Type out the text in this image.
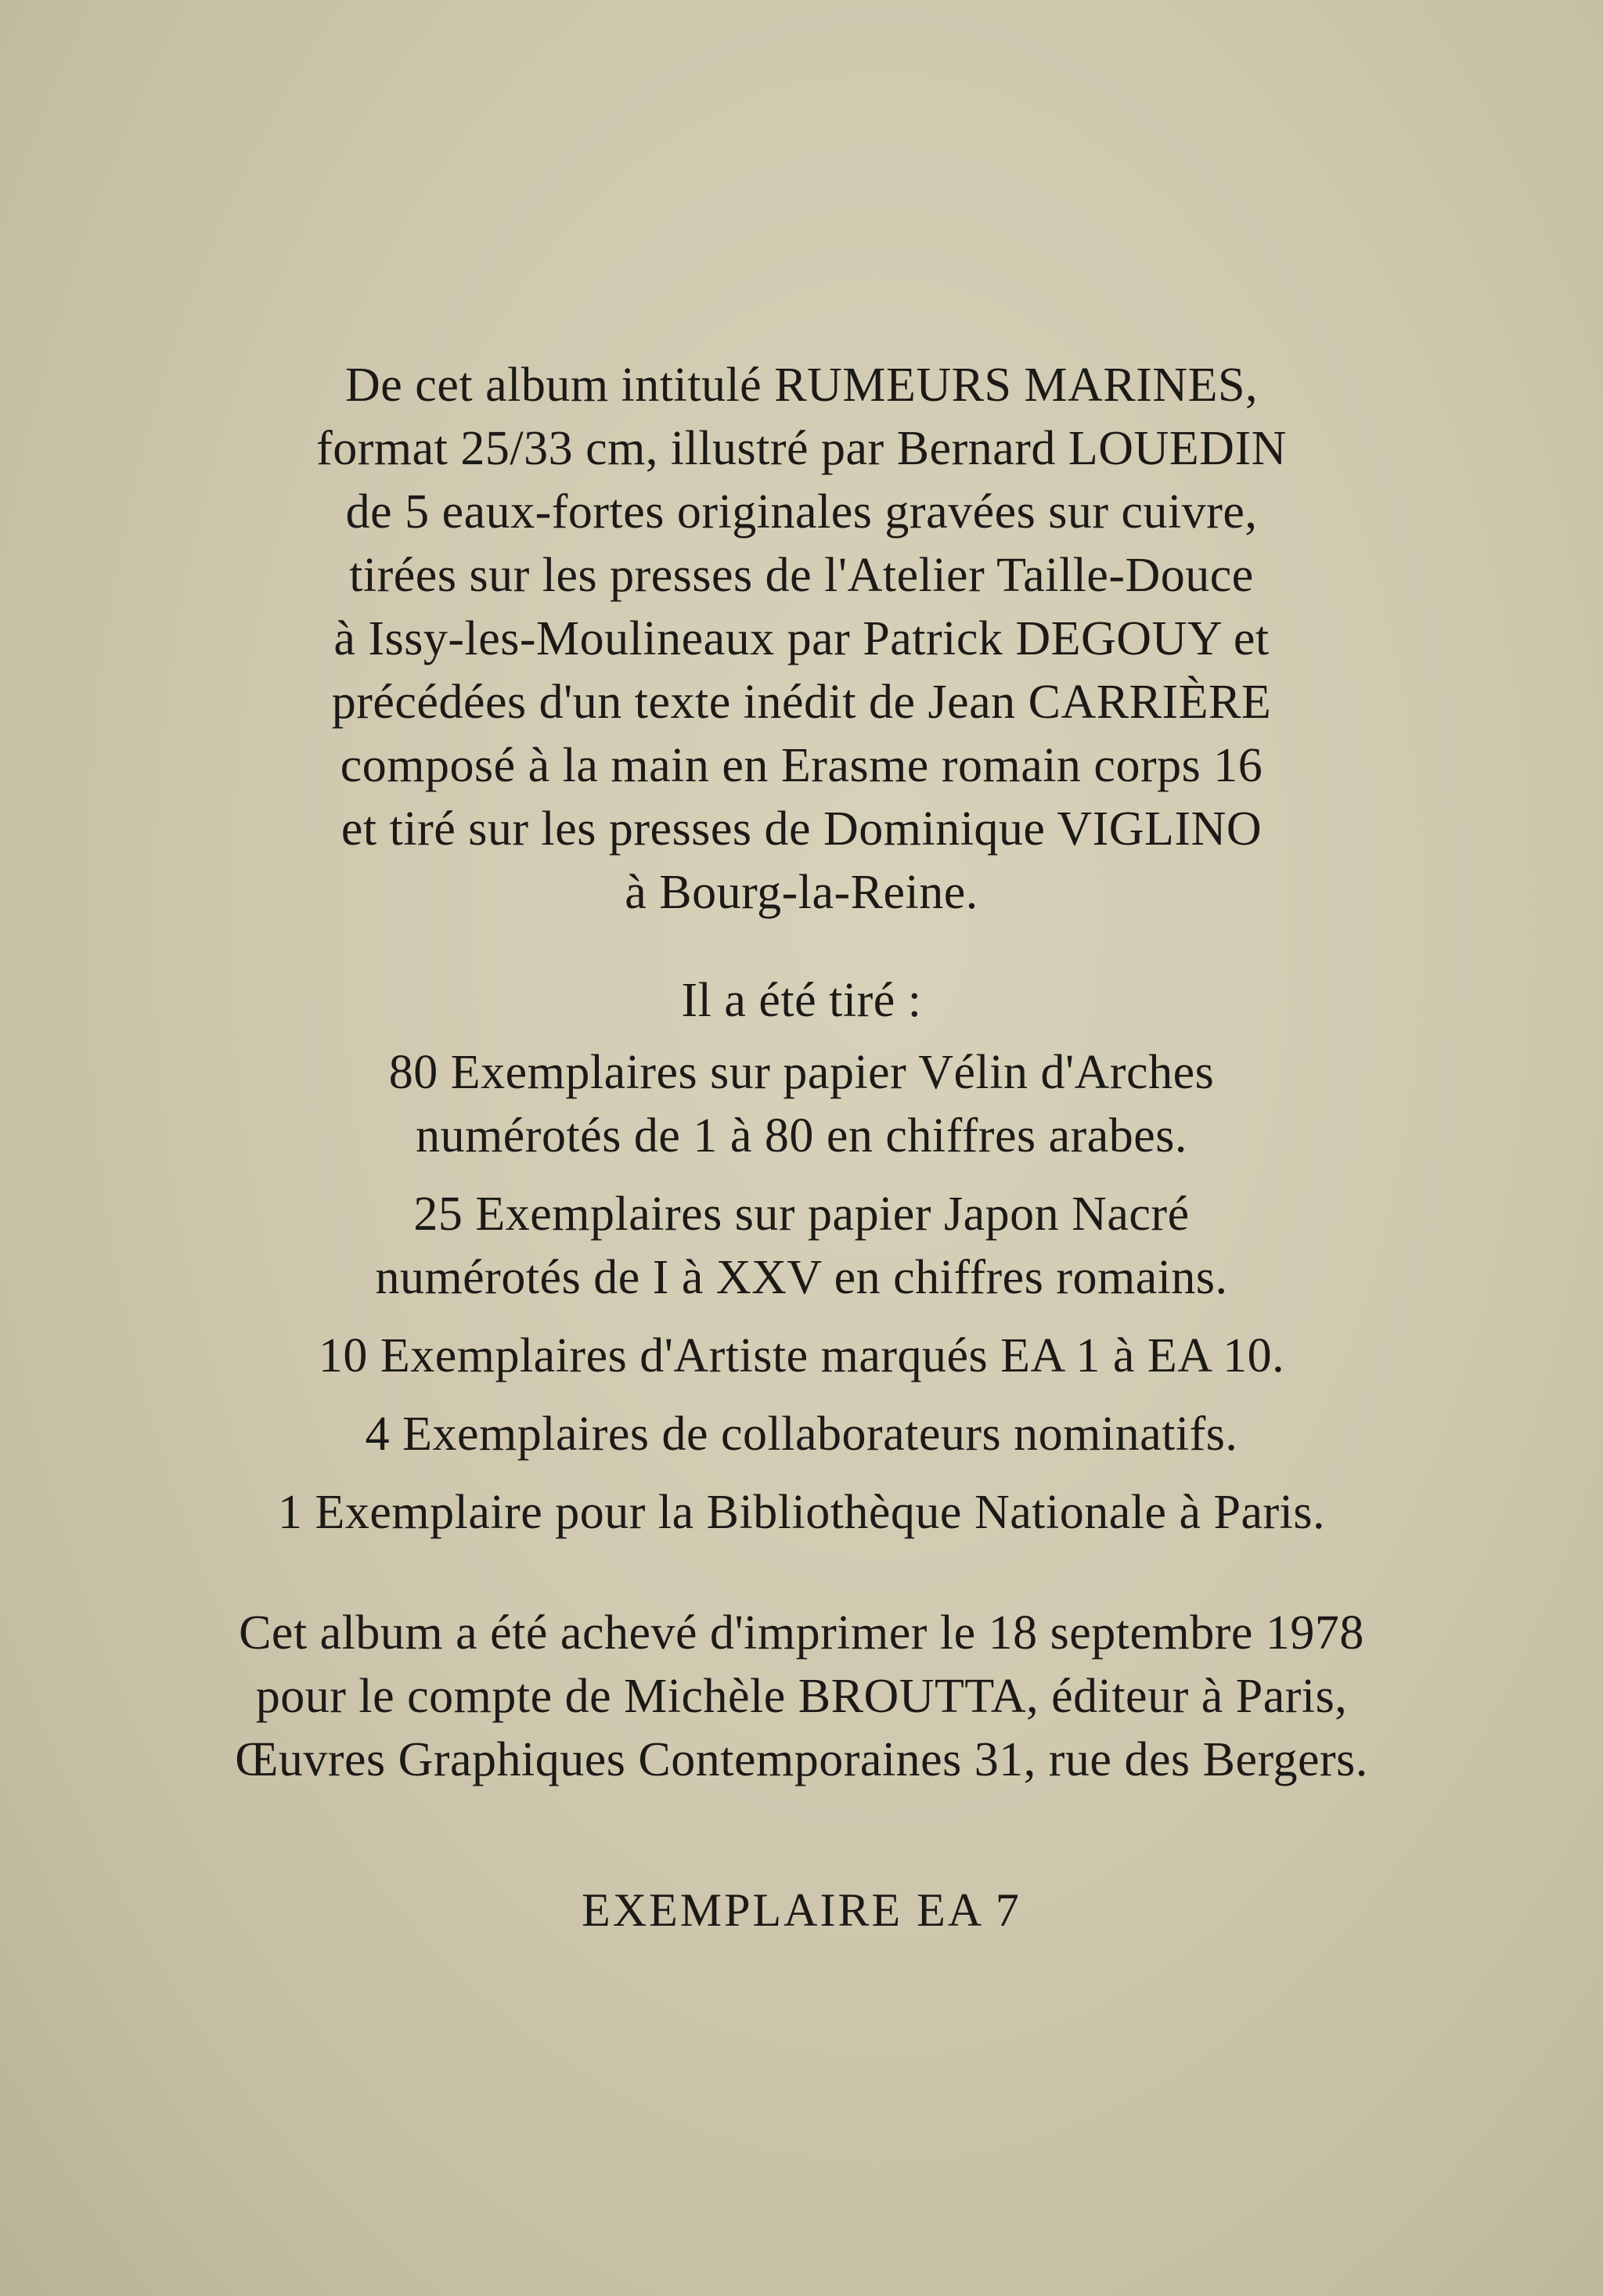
De cet album intitulé RUMEURS MARINES,
format 25/33 cm, illustré par Bernard LOUEDIN
de 5 eaux-fortes originales gravées sur cuivre,
tirées sur les presses de l'Atelier Taille-Douce
à Issy-les-Moulineaux par Patrick DEGOUY et
précédées d'un texte inédit de Jean CARRIÈRE
composé à la main en Erasme romain corps 16
et tiré sur les presses de Dominique VIGLINO
à Bourg-la-Reine.
Il a été tiré :
80 Exemplaires sur papier Vélin d'Arches
numérotés de 1 à 80 en chiffres arabes.
25 Exemplaires sur papier Japon Nacré
numérotés de I à XXV en chiffres romains.
10 Exemplaires d'Artiste marqués EA 1 à EA 10.
4 Exemplaires de collaborateurs nominatifs.
1 Exemplaire pour la Bibliothèque Nationale à Paris.
Cet album a été achevé d'imprimer le 18 septembre 1978
pour le compte de Michèle BROUTTA, éditeur à Paris,
Œuvres Graphiques Contemporaines 31, rue des Bergers.
EXEMPLAIRE EA 7
